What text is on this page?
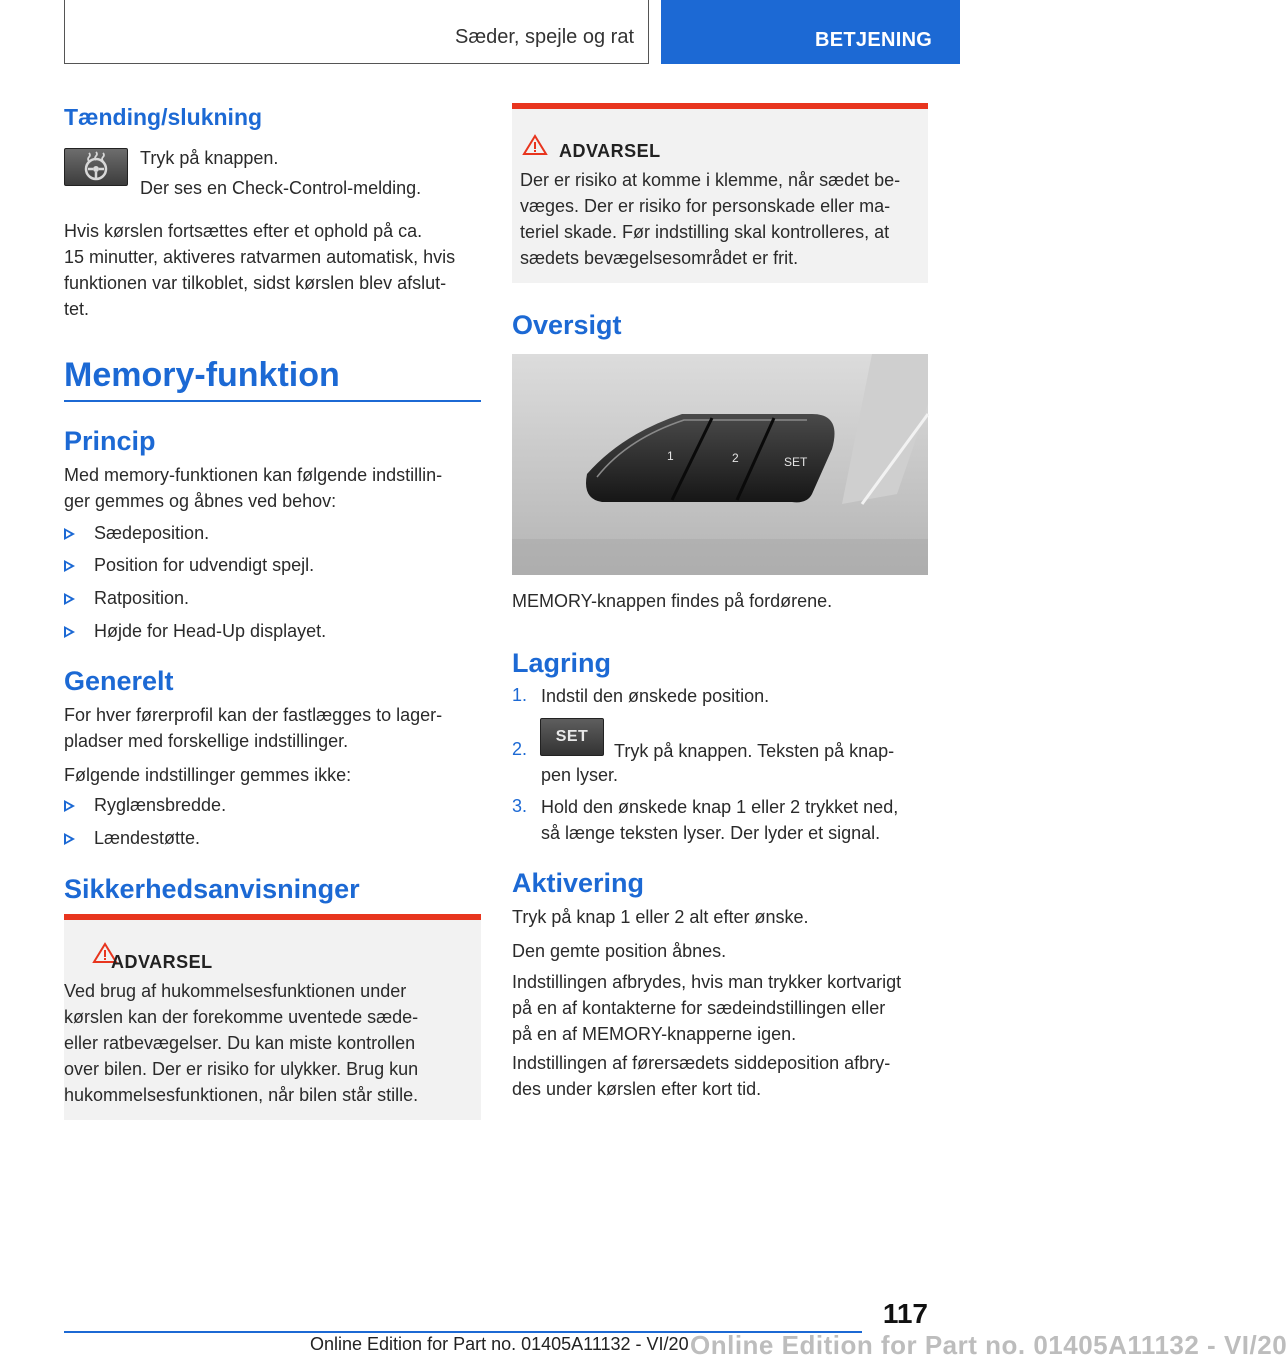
Sæder, spejle og rat	BETJENING
Tænding/slukning
Tryk på knappen.
Der ses en Check-Control-melding.
Hvis kørslen fortsættes efter et ophold på ca.
15 minutter, aktiveres ratvarmen automatisk, hvis
funktionen var tilkoblet, sidst kørslen blev afslut-
tet.
Memory-funktion
Princip
Med memory-funktionen kan følgende indstillin-
ger gemmes og åbnes ved behov:
Sædeposition.
Position for udvendigt spejl.
Ratposition.
Højde for Head-Up displayet.
Generelt
For hver førerprofil kan der fastlægges to lager-
pladser med forskellige indstillinger.
Følgende indstillinger gemmes ikke:
Ryglænsbredde.
Lændestøtte.
Sikkerhedsanvisninger
ADVARSEL
Ved brug af hukommelsesfunktionen under
kørslen kan der forekomme uventede sæde-
eller ratbevægelser. Du kan miste kontrollen
over bilen. Der er risiko for ulykker. Brug kun
hukommelsesfunktionen, når bilen står stille.
ADVARSEL
Der er risiko at komme i klemme, når sædet be-
væges. Der er risiko for personskade eller ma-
teriel skade. Før indstilling skal kontrolleres, at
sædets bevægelsesområdet er frit.
Oversigt
1	2	SET
MEMORY-knappen findes på fordørene.
Lagring
1. Indstil den ønskede position.
2.
SET
Tryk på knappen. Teksten på knap-
pen lyser.
3. Hold den ønskede knap 1 eller 2 trykket ned,
så længe teksten lyser. Der lyder et signal.
Aktivering
Tryk på knap 1 eller 2 alt efter ønske.
Den gemte position åbnes.
Indstillingen afbrydes, hvis man trykker kortvarigt
på en af kontakterne for sædeindstillingen eller
på en af MEMORY-knapperne igen.
Indstillingen af førersædets siddeposition afbry-
des under kørslen efter kort tid.
117
Online Edition for Part no. 01405A11132 - VI/20 Online Edition for Part no. 01405A11132 - VI/20
